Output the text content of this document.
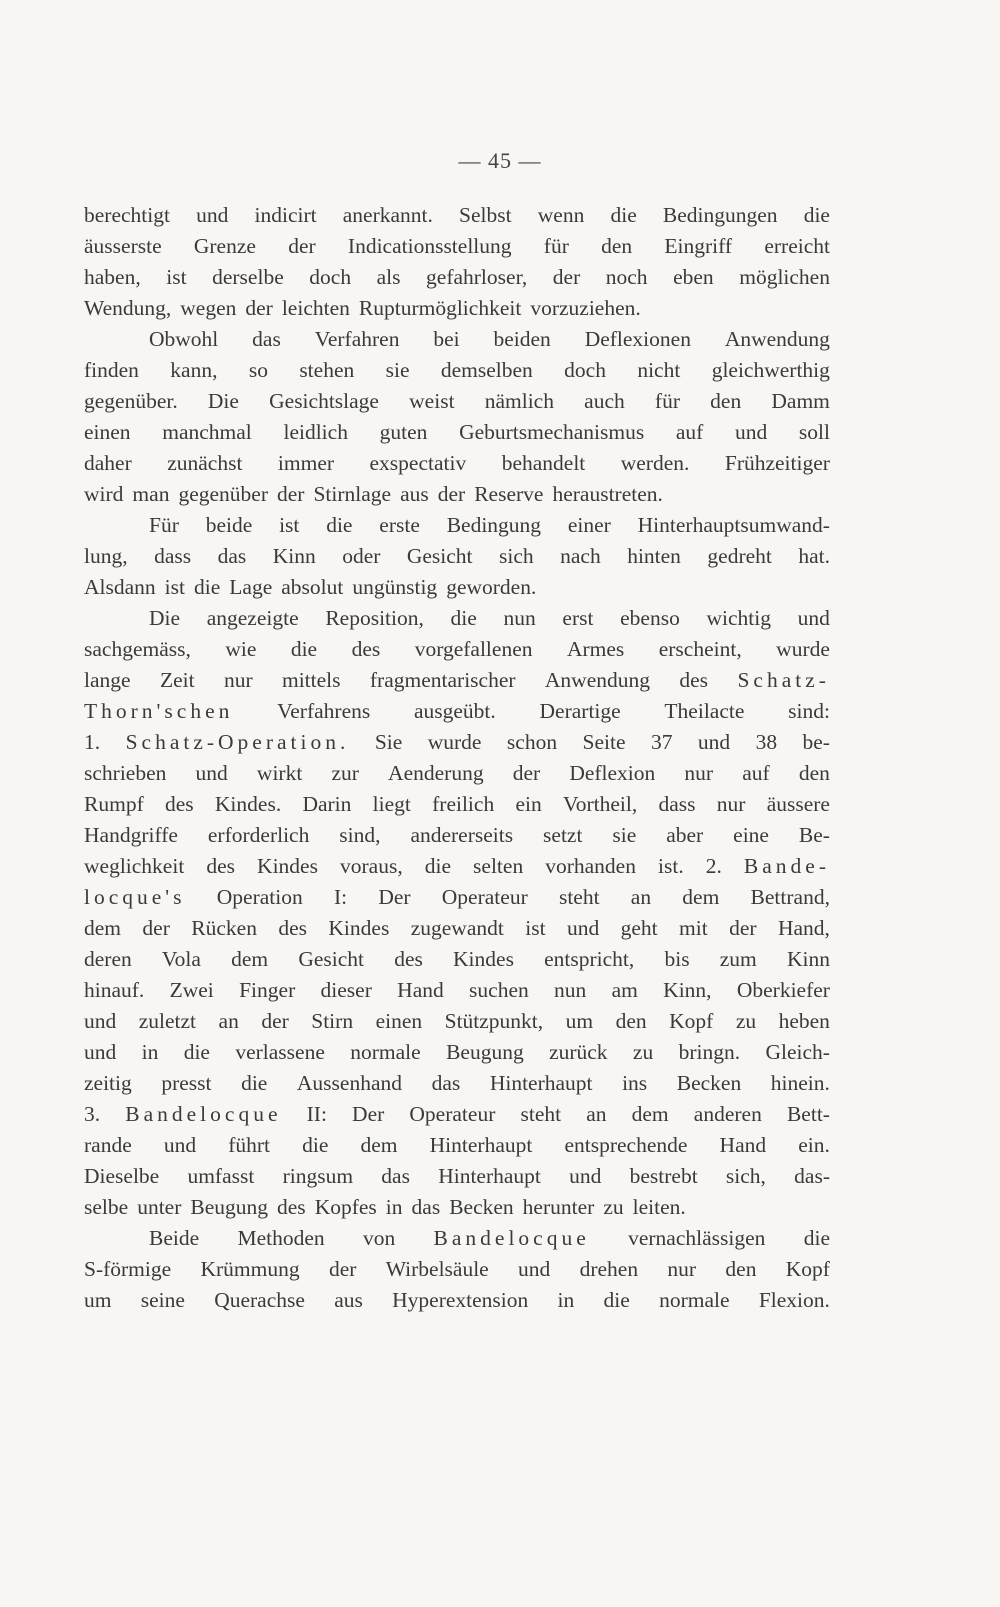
— 45 —
berechtigt und indicirt anerkannt. Selbst wenn die Bedingungen die
äusserste Grenze der Indicationsstellung für den Eingriff erreicht
haben, ist derselbe doch als gefahrloser, der noch eben möglichen
Wendung, wegen der leichten Rupturmöglichkeit vorzuziehen.
Obwohl das Verfahren bei beiden Deflexionen Anwendung
finden kann, so stehen sie demselben doch nicht gleichwerthig
gegenüber. Die Gesichtslage weist nämlich auch für den Damm
einen manchmal leidlich guten Geburtsmechanismus auf und soll
daher zunächst immer exspectativ behandelt werden. Frühzeitiger
wird man gegenüber der Stirnlage aus der Reserve heraustreten.
Für beide ist die erste Bedingung einer Hinterhauptsumwand-
lung, dass das Kinn oder Gesicht sich nach hinten gedreht hat.
Alsdann ist die Lage absolut ungünstig geworden.
Die angezeigte Reposition, die nun erst ebenso wichtig und
sachgemäss, wie die des vorgefallenen Armes erscheint, wurde
lange Zeit nur mittels fragmentarischer Anwendung des Schatz-
Thorn'schen Verfahrens ausgeübt. Derartige Theilacte sind:
1. Schatz-Operation. Sie wurde schon Seite 37 und 38 be-
schrieben und wirkt zur Aenderung der Deflexion nur auf den
Rumpf des Kindes. Darin liegt freilich ein Vortheil, dass nur äussere
Handgriffe erforderlich sind, andererseits setzt sie aber eine Be-
weglichkeit des Kindes voraus, die selten vorhanden ist. 2. Bande-
locque's Operation I: Der Operateur steht an dem Bettrand,
dem der Rücken des Kindes zugewandt ist und geht mit der Hand,
deren Vola dem Gesicht des Kindes entspricht, bis zum Kinn
hinauf. Zwei Finger dieser Hand suchen nun am Kinn, Oberkiefer
und zuletzt an der Stirn einen Stützpunkt, um den Kopf zu heben
und in die verlassene normale Beugung zurück zu bringn. Gleich-
zeitig presst die Aussenhand das Hinterhaupt ins Becken hinein.
3. Bandelocque II: Der Operateur steht an dem anderen Bett-
rande und führt die dem Hinterhaupt entsprechende Hand ein.
Dieselbe umfasst ringsum das Hinterhaupt und bestrebt sich, das-
selbe unter Beugung des Kopfes in das Becken herunter zu leiten.
Beide Methoden von Bandelocque vernachlässigen die
S-förmige Krümmung der Wirbelsäule und drehen nur den Kopf
um seine Querachse aus Hyperextension in die normale Flexion.
